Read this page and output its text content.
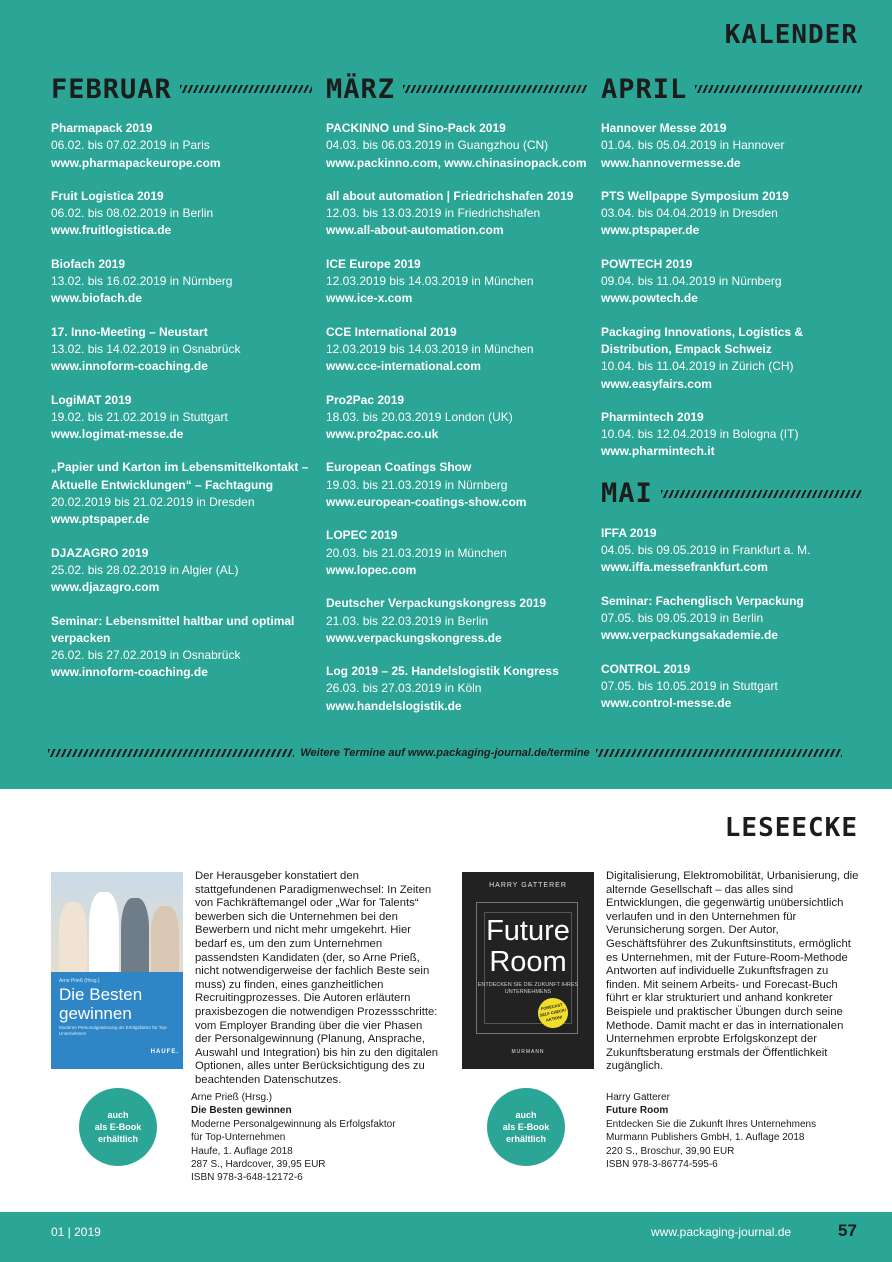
KALENDER
FEBRUAR
Pharmapack 2019
06.02. bis 07.02.2019 in Paris
www.pharmapackeurope.com
Fruit Logistica 2019
06.02. bis 08.02.2019 in Berlin
www.fruitlogistica.de
Biofach 2019
13.02. bis 16.02.2019 in Nürnberg
www.biofach.de
17. Inno-Meeting – Neustart
13.02. bis 14.02.2019 in Osnabrück
www.innoform-coaching.de
LogiMAT 2019
19.02. bis 21.02.2019 in Stuttgart
www.logimat-messe.de
„Papier und Karton im Lebensmittelkontakt – Aktuelle Entwicklungen“ – Fachtagung
20.02.2019 bis 21.02.2019 in Dresden
www.ptspaper.de
DJAZAGRO 2019
25.02. bis 28.02.2019 in Algier (AL)
www.djazagro.com
Seminar: Lebensmittel haltbar und optimal verpacken
26.02. bis 27.02.2019 in Osnabrück
www.innoform-coaching.de
MÄRZ
PACKINNO und Sino-Pack 2019
04.03. bis 06.03.2019 in Guangzhou (CN)
www.packinno.com, www.chinasinopack.com
all about automation | Friedrichshafen 2019
12.03. bis 13.03.2019 in Friedrichshafen
www.all-about-automation.com
ICE Europe 2019
12.03.2019 bis 14.03.2019 in München
www.ice-x.com
CCE International 2019
12.03.2019 bis 14.03.2019 in München
www.cce-international.com
Pro2Pac 2019
18.03. bis 20.03.2019 London (UK)
www.pro2pac.co.uk
European Coatings Show
19.03. bis 21.03.2019 in Nürnberg
www.european-coatings-show.com
LOPEC 2019
20.03. bis 21.03.2019 in München
www.lopec.com
Deutscher Verpackungskongress 2019
21.03. bis 22.03.2019 in Berlin
www.verpackungskongress.de
Log 2019 – 25. Handelslogistik Kongress
26.03. bis 27.03.2019 in Köln
www.handelslogistik.de
APRIL
Hannover Messe 2019
01.04. bis 05.04.2019 in Hannover
www.hannovermesse.de
PTS Wellpappe Symposium 2019
03.04. bis 04.04.2019 in Dresden
www.ptspaper.de
POWTECH 2019
09.04. bis 11.04.2019 in Nürnberg
www.powtech.de
Packaging Innovations, Logistics & Distribution, Empack Schweiz
10.04. bis 11.04.2019 in Zürich (CH)
www.easyfairs.com
Pharmintech 2019
10.04. bis 12.04.2019 in Bologna (IT)
www.pharmintech.it
MAI
IFFA 2019
04.05. bis 09.05.2019 in Frankfurt a. M.
www.iffa.messefrankfurt.com
Seminar: Fachenglisch Verpackung
07.05. bis 09.05.2019 in Berlin
www.verpackungsakademie.de
CONTROL 2019
07.05. bis 10.05.2019 in Stuttgart
www.control-messe.de
Weitere Termine auf www.packaging-journal.de/termine
LESEECKE
Arne Prieß (Hrsg.)
Die Besten gewinnen
Moderne Personalgewinnung als Erfolgsfaktor für Top-Unternehmen
HAUFE.
Der Herausgeber konstatiert den stattgefundenen Paradigmenwechsel: In Zeiten von Fachkräftemangel oder „War for Talents“ bewerben sich die Unternehmen bei den Bewerbern und nicht mehr umgekehrt. Hier bedarf es, um den zum Unternehmen passendsten Kandidaten (der, so Arne Prieß, nicht notwendigerweise der fachlich Beste sein muss) zu finden, eines ganzheitlichen Recruitingprozesses. Die Autoren erläutern praxisbezogen die notwendigen Prozessschritte: vom Employer Branding über die vier Phasen der Personalgewinnung (Planung, Ansprache, Auswahl und Integration) bis hin zu den digitalen Optionen, alles unter Berücksichtigung des zu beachtenden Datenschutzes.
auch
als E-Book
erhältlich
Arne Prieß (Hrsg.)
Die Besten gewinnen
Moderne Personalgewinnung als Erfolgsfaktor
für Top-Unternehmen
Haufe, 1. Auflage 2018
287 S., Hardcover, 39,95 EUR
ISBN 978-3-648-12172-6
HARRY GATTERER
Future Room
ENTDECKEN SIE DIE ZUKUNFT IHRES UNTERNEHMENS
FORECAST SELF CHECK! AKTION!
MURMANN
Digitalisierung, Elektromobilität, Urbanisierung, die alternde Gesellschaft – das alles sind Entwicklungen, die gegenwärtig unübersichtlich verlaufen und in den Unternehmen für Verunsicherung sorgen. Der Autor, Geschäftsführer des Zukunftsinstituts, ermöglicht es Unternehmen, mit der Future-Room-Methode Antworten auf individuelle Zukunftsfragen zu finden. Mit seinem Arbeits- und Forecast-Buch führt er klar strukturiert und anhand konkreter Beispiele und praktischer Übungen durch seine Methode. Damit macht er das in internationalen Unternehmen erprobte Erfolgskonzept der Zukunftsberatung erstmals der Öffentlichkeit zugänglich.
auch
als E-Book
erhältlich
Harry Gatterer
Future Room
Entdecken Sie die Zukunft Ihres Unternehmens
Murmann Publishers GmbH, 1. Auflage 2018
220 S., Broschur, 39,90 EUR
ISBN 978-3-86774-595-6
01 | 2019	www.packaging-journal.de	57
